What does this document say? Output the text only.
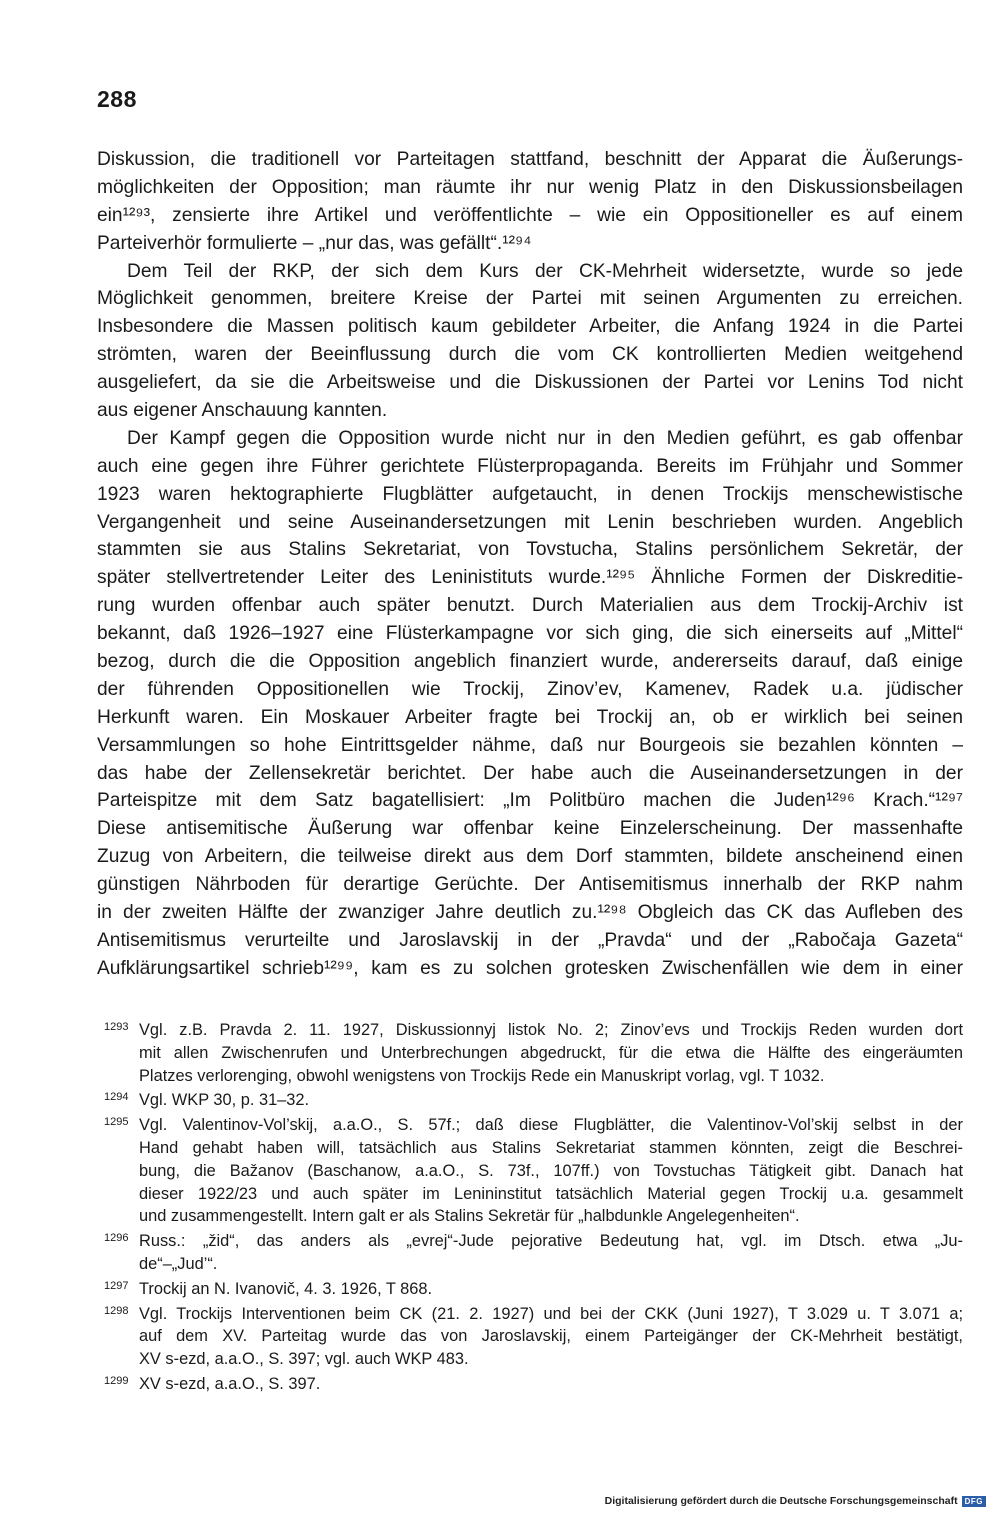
288
Diskussion, die traditionell vor Parteitagen stattfand, beschnitt der Apparat die Äußerungs-
möglichkeiten der Opposition; man räumte ihr nur wenig Platz in den Diskussionsbeilagen
ein¹²⁹³, zensierte ihre Artikel und veröffentlichte – wie ein Oppositioneller es auf einem
Parteiverhör formulierte – „nur das, was gefällt“.¹²⁹⁴
Dem Teil der RKP, der sich dem Kurs der CK-Mehrheit widersetzte, wurde so jede
Möglichkeit genommen, breitere Kreise der Partei mit seinen Argumenten zu erreichen.
Insbesondere die Massen politisch kaum gebildeter Arbeiter, die Anfang 1924 in die Partei
strömten, waren der Beeinflussung durch die vom CK kontrollierten Medien weitgehend
ausgeliefert, da sie die Arbeitsweise und die Diskussionen der Partei vor Lenins Tod nicht
aus eigener Anschauung kannten.
Der Kampf gegen die Opposition wurde nicht nur in den Medien geführt, es gab offenbar
auch eine gegen ihre Führer gerichtete Flüsterpropaganda. Bereits im Frühjahr und Sommer
1923 waren hektographierte Flugblätter aufgetaucht, in denen Trockijs menschewistische
Vergangenheit und seine Auseinandersetzungen mit Lenin beschrieben wurden. Angeblich
stammten sie aus Stalins Sekretariat, von Tovstucha, Stalins persönlichem Sekretär, der
später stellvertretender Leiter des Leninistituts wurde.¹²⁹⁵ Ähnliche Formen der Diskreditie-
rung wurden offenbar auch später benutzt. Durch Materialien aus dem Trockij-Archiv ist
bekannt, daß 1926–1927 eine Flüsterkampagne vor sich ging, die sich einerseits auf „Mittel“
bezog, durch die die Opposition angeblich finanziert wurde, andererseits darauf, daß einige
der führenden Oppositionellen wie Trockij, Zinov’ev, Kamenev, Radek u.a. jüdischer
Herkunft waren. Ein Moskauer Arbeiter fragte bei Trockij an, ob er wirklich bei seinen
Versammlungen so hohe Eintrittsgelder nähme, daß nur Bourgeois sie bezahlen könnten –
das habe der Zellensekretär berichtet. Der habe auch die Auseinandersetzungen in der
Parteispitze mit dem Satz bagatellisiert: „Im Politbüro machen die Juden¹²⁹⁶ Krach.“¹²⁹⁷
Diese antisemitische Äußerung war offenbar keine Einzelerscheinung. Der massenhafte
Zuzug von Arbeitern, die teilweise direkt aus dem Dorf stammten, bildete anscheinend einen
günstigen Nährboden für derartige Gerüchte. Der Antisemitismus innerhalb der RKP nahm
in der zweiten Hälfte der zwanziger Jahre deutlich zu.¹²⁹⁸ Obgleich das CK das Aufleben des
Antisemitismus verurteilte und Jaroslavskij in der „Pravda“ und der „Rabočaja Gazeta“
Aufklärungsartikel schrieb¹²⁹⁹, kam es zu solchen grotesken Zwischenfällen wie dem in einer
1293 Vgl. z.B. Pravda 2. 11. 1927, Diskussionnyj listok No. 2; Zinov’evs und Trockijs Reden wurden dort
mit allen Zwischenrufen und Unterbrechungen abgedruckt, für die etwa die Hälfte des eingeräumten
Platzes verlorenging, obwohl wenigstens von Trockijs Rede ein Manuskript vorlag, vgl. T 1032.
1294 Vgl. WKP 30, p. 31–32.
1295 Vgl. Valentinov-Vol’skij, a.a.O., S. 57f.; daß diese Flugblätter, die Valentinov-Vol’skij selbst in der
Hand gehabt haben will, tatsächlich aus Stalins Sekretariat stammen könnten, zeigt die Beschrei-
bung, die Bažanov (Baschanow, a.a.O., S. 73f., 107ff.) von Tovstuchas Tätigkeit gibt. Danach hat
dieser 1922/23 und auch später im Lenininstitut tatsächlich Material gegen Trockij u.a. gesammelt
und zusammengestellt. Intern galt er als Stalins Sekretär für „halbdunkle Angelegenheiten“.
1296 Russ.: „žid“, das anders als „evrej“-Jude pejorative Bedeutung hat, vgl. im Dtsch. etwa „Ju-
de“–„Jud’“.
1297 Trockij an N. Ivanovič, 4. 3. 1926, T 868.
1298 Vgl. Trockijs Interventionen beim CK (21. 2. 1927) und bei der CKK (Juni 1927), T 3.029 u. T 3.071 a;
auf dem XV. Parteitag wurde das von Jaroslavskij, einem Parteigänger der CK-Mehrheit bestätigt,
XV s-ezd, a.a.O., S. 397; vgl. auch WKP 483.
1299 XV s-ezd, a.a.O., S. 397.
Digitalisierung gefördert durch die Deutsche Forschungsgemeinschaft DFG
